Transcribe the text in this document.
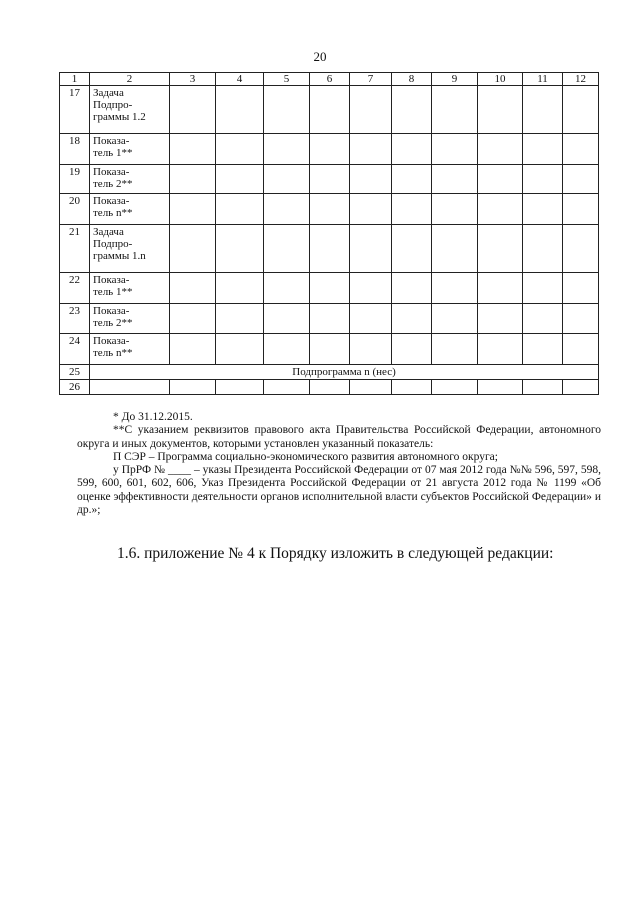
20
1	2	3	4	5	6	7	8	9	10	11	12
17	Задача
Подпро-
граммы 1.2										

18	Показа-
тель 1**										

19	Показа-
тель 2**										

20	Показа-
тель n**										

21	Задача
Подпро-
граммы 1.n										

22	Показа-
тель 1**										

23	Показа-
тель 2**										

24	Показа-
тель n**										

25	Подпрограмма n (нес)										
26											

* До 31.12.2015.

**С указанием реквизитов правового акта Правительства Российской Федерации, автономного округа и иных документов, которыми установлен указанный показатель:

П СЭР – Программа социально-экономического развития автономного округа;

у ПрРФ № ____ – указы Президента Российской Федерации от 07 мая 2012 года №№ 596, 597, 598, 599, 600, 601, 602, 606, Указ Президента Российской Федерации от 21 августа 2012 года № 1199 «Об оценке эффективности деятельности органов исполнительной власти субъектов Российской Федерации» и др.»;

1.6. приложение № 4 к Порядку изложить в следующей редакции:
